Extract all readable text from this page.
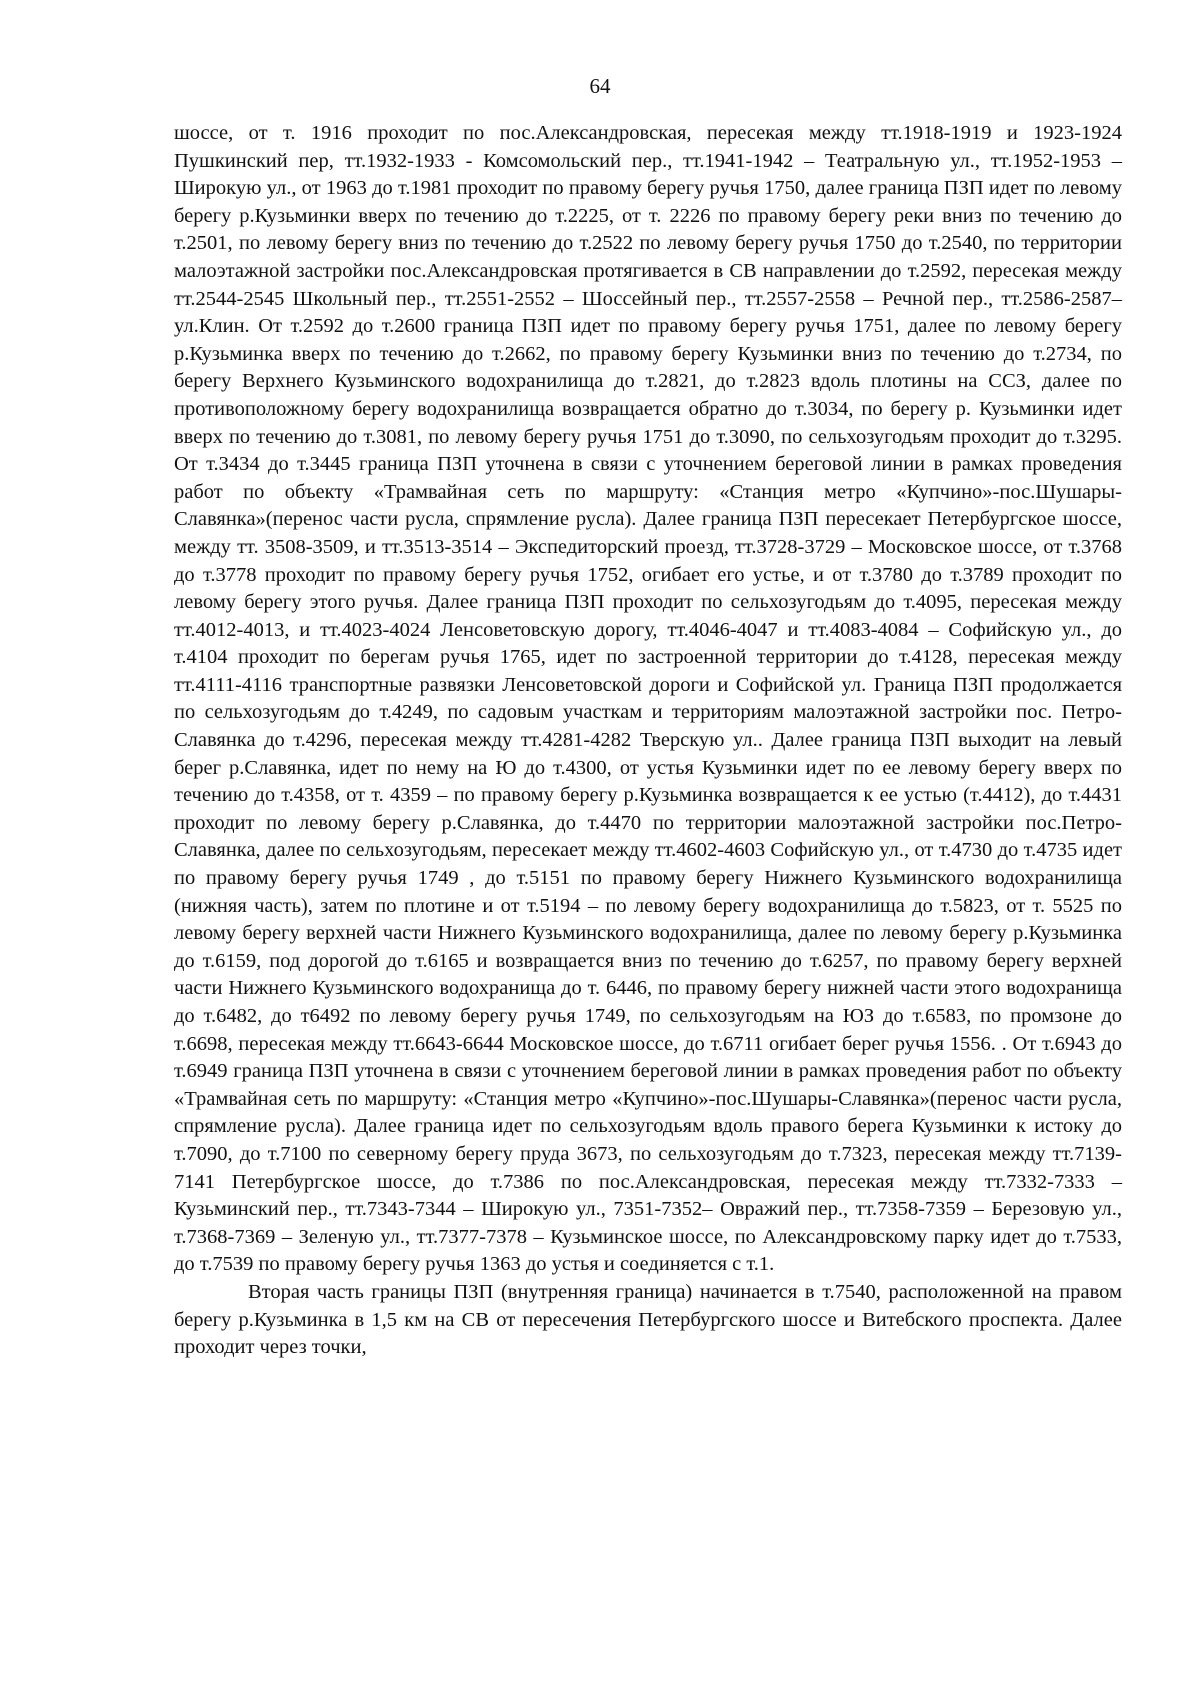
64

шоссе, от т. 1916 проходит по пос.Александровская, пересекая между тт.1918-1919 и 1923-1924 Пушкинский пер, тт.1932-1933 - Комсомольский пер., тт.1941-1942 – Театральную ул., тт.1952-1953 – Широкую ул., от 1963 до т.1981 проходит по правому берегу ручья 1750, далее граница ПЗП идет по левому берегу р.Кузьминки вверх по течению до т.2225, от т. 2226 по правому берегу реки вниз по течению до т.2501, по левому берегу вниз по течению до т.2522 по левому берегу ручья 1750 до т.2540, по территории малоэтажной застройки пос.Александровская протягивается в СВ направлении до т.2592, пересекая между тт.2544-2545 Школьный пер., тт.2551-2552 – Шоссейный пер., тт.2557-2558 – Речной пер., тт.2586-2587– ул.Клин. От т.2592 до т.2600 граница ПЗП идет по правому берегу ручья 1751, далее по левому берегу р.Кузьминка вверх по течению до т.2662, по правому берегу Кузьминки вниз по течению до т.2734, по берегу Верхнего Кузьминского водохранилища до т.2821, до т.2823 вдоль плотины на ССЗ, далее по противоположному берегу водохранилища возвращается обратно до т.3034, по берегу р. Кузьминки идет вверх по течению до т.3081, по левому берегу ручья 1751 до т.3090, по сельхозугодьям проходит до т.3295. От т.3434 до т.3445 граница ПЗП уточнена в связи с уточнением береговой линии в рамках проведения работ по объекту «Трамвайная сеть по маршруту: «Станция метро «Купчино»-пос.Шушары-Славянка»(перенос части русла, спрямление русла). Далее граница ПЗП пересекает Петербургское шоссе, между тт. 3508-3509, и тт.3513-3514 – Экспедиторский проезд, тт.3728-3729 – Московское шоссе, от т.3768 до т.3778 проходит по правому берегу ручья 1752, огибает его устье, и от т.3780 до т.3789 проходит по левому берегу этого ручья. Далее граница ПЗП проходит по сельхозугодьям до т.4095, пересекая между тт.4012-4013, и тт.4023-4024 Ленсоветовскую дорогу, тт.4046-4047 и тт.4083-4084 – Софийскую ул., до т.4104 проходит по берегам ручья 1765, идет по застроенной территории до т.4128, пересекая между тт.4111-4116 транспортные развязки Ленсоветовской дороги и Софийской ул. Граница ПЗП продолжается по сельхозугодьям до т.4249, по садовым участкам и территориям малоэтажной застройки пос. Петро-Славянка до т.4296, пересекая между тт.4281-4282 Тверскую ул.. Далее граница ПЗП выходит на левый берег р.Славянка, идет по нему на Ю до т.4300, от устья Кузьминки идет по ее левому берегу вверх по течению до т.4358, от т. 4359 – по правому берегу р.Кузьминка возвращается к ее устью (т.4412), до т.4431 проходит по левому берегу р.Славянка, до т.4470 по территории малоэтажной застройки пос.Петро-Славянка, далее по сельхозугодьям, пересекает между тт.4602-4603 Софийскую ул., от т.4730 до т.4735 идет по правому берегу ручья 1749 , до т.5151 по правому берегу Нижнего Кузьминского водохранилища (нижняя часть), затем по плотине и от т.5194 – по левому берегу водохранилища до т.5823, от т. 5525 по левому берегу верхней части Нижнего Кузьминского водохранилища, далее по левому берегу р.Кузьминка до т.6159, под дорогой до т.6165 и возвращается вниз по течению до т.6257, по правому берегу верхней части Нижнего Кузьминского водохранища до т. 6446, по правому берегу нижней части этого водохранища до т.6482, до т6492 по левому берегу ручья 1749, по сельхозугодьям на ЮЗ до т.6583, по промзоне до т.6698, пересекая между тт.6643-6644 Московское шоссе, до т.6711 огибает берег ручья 1556. . От т.6943 до т.6949 граница ПЗП уточнена в связи с уточнением береговой линии в рамках проведения работ по объекту «Трамвайная сеть по маршруту: «Станция метро «Купчино»-пос.Шушары-Славянка»(перенос части русла, спрямление русла). Далее граница идет по сельхозугодьям вдоль правого берега Кузьминки к истоку до т.7090, до т.7100 по северному берегу пруда 3673, по сельхозугодьям до т.7323, пересекая между тт.7139-7141 Петербургское шоссе, до т.7386 по пос.Александровская, пересекая между тт.7332-7333 – Кузьминский пер., тт.7343-7344 – Широкую ул., 7351-7352– Овражий пер., тт.7358-7359 – Березовую ул., т.7368-7369 – Зеленую ул., тт.7377-7378 – Кузьминское шоссе, по Александровскому парку идет до т.7533, до т.7539 по правому берегу ручья 1363 до устья и соединяется с т.1.

Вторая часть границы ПЗП (внутренняя граница) начинается в т.7540, расположенной на правом берегу р.Кузьминка в 1,5 км на СВ от пересечения Петербургского шоссе и Витебского проспекта. Далее проходит через точки,
